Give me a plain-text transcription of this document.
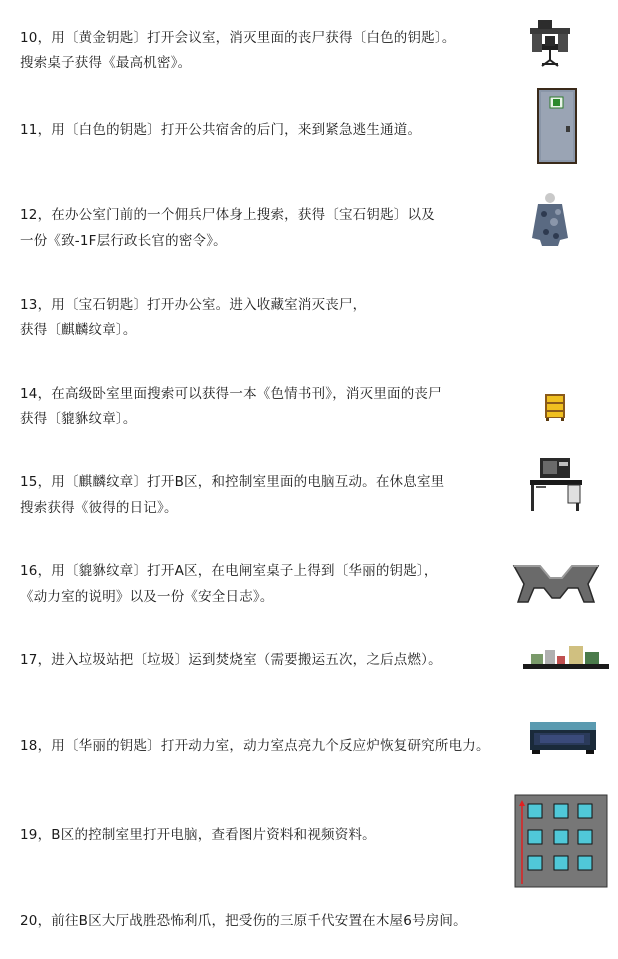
10，用〔黄金钥匙〕打开会议室，消灭里面的丧尸获得〔白色的钥匙〕。
搜索桌子获得《最高机密》。
11，用〔白色的钥匙〕打开公共宿舍的后门，来到紧急逃生通道。
12，在办公室门前的一个佣兵尸体身上搜索，获得〔宝石钥匙〕以及
一份《致-1F层行政长官的密令》。
13，用〔宝石钥匙〕打开办公室。进入收藏室消灭丧尸，
获得〔麒麟纹章〕。
14，在高级卧室里面搜索可以获得一本《色情书刊》，消灭里面的丧尸
获得〔貔貅纹章〕。
15，用〔麒麟纹章〕打开B区，和控制室里面的电脑互动。在休息室里
搜索获得《彼得的日记》。
16，用〔貔貅纹章〕打开A区，在电闸室桌子上得到〔华丽的钥匙〕，
《动力室的说明》以及一份《安全日志》。
17，进入垃圾站把〔垃圾〕运到焚烧室（需要搬运五次，之后点燃）。
18，用〔华丽的钥匙〕打开动力室，动力室点亮九个反应炉恢复研究所电力。
19，B区的控制室里打开电脑，查看图片资料和视频资料。
20，前往B区大厅战胜恐怖利爪，把受伤的三原千代安置在木屋6号房间。
